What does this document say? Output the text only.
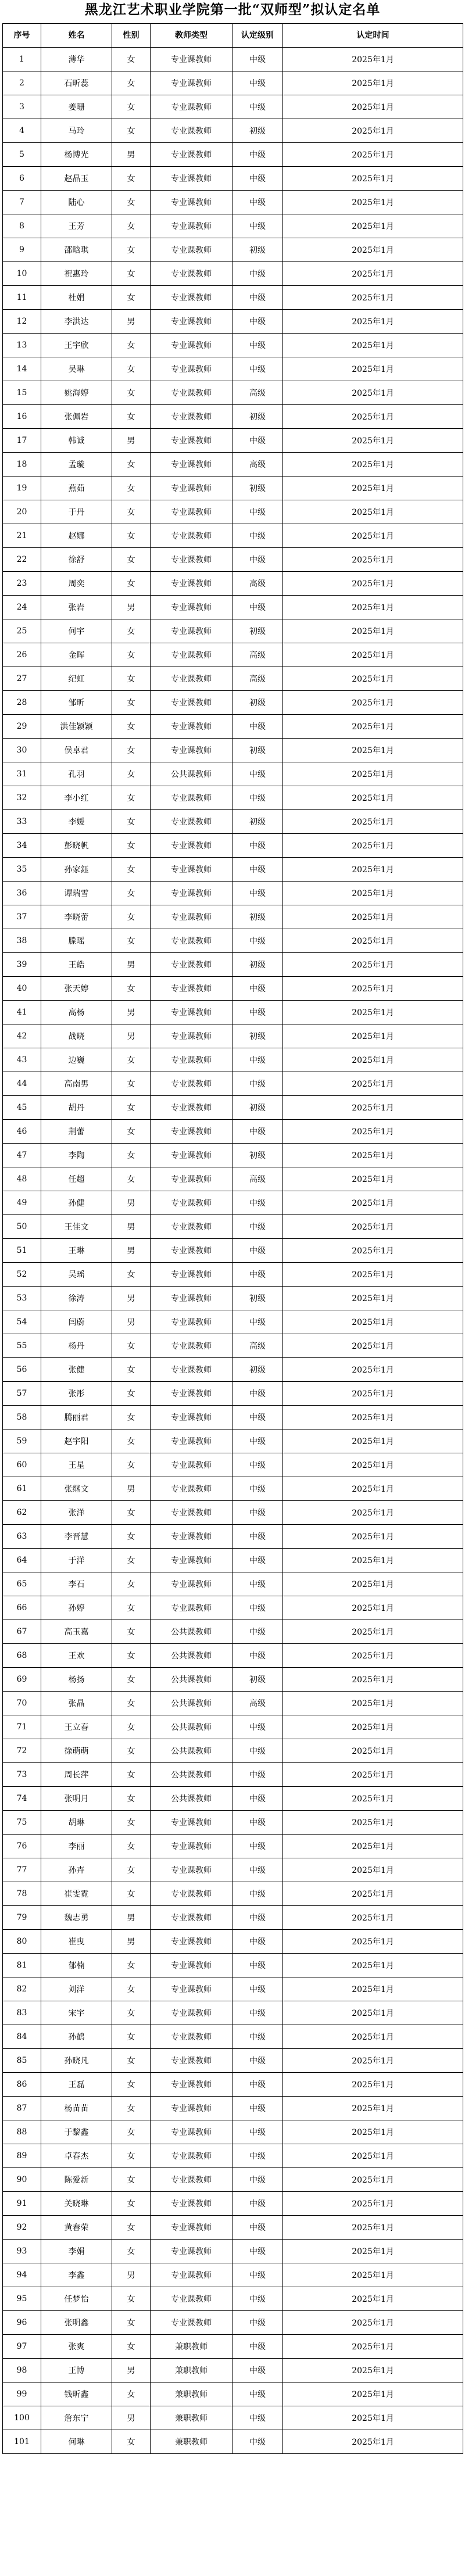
黑龙江艺术职业学院第一批“双师型”拟认定名单
序号	姓名	性别	教师类型	认定级别	认定时间
1	薄华	女	专业课教师	中级	2025年1月
2	石昕蕊	女	专业课教师	中级	2025年1月
3	姜珊	女	专业课教师	中级	2025年1月
4	马玲	女	专业课教师	初级	2025年1月
5	杨博光	男	专业课教师	中级	2025年1月
6	赵晶玉	女	专业课教师	中级	2025年1月
7	陆心	女	专业课教师	中级	2025年1月
8	王芳	女	专业课教师	中级	2025年1月
9	邵晗琪	女	专业课教师	初级	2025年1月
10	祝惠玲	女	专业课教师	中级	2025年1月
11	杜娟	女	专业课教师	中级	2025年1月
12	李洪达	男	专业课教师	中级	2025年1月
13	王宇欣	女	专业课教师	中级	2025年1月
14	吴琳	女	专业课教师	中级	2025年1月
15	姚海婷	女	专业课教师	高级	2025年1月
16	张佩岩	女	专业课教师	初级	2025年1月
17	韩诚	男	专业课教师	中级	2025年1月
18	孟璇	女	专业课教师	高级	2025年1月
19	燕茹	女	专业课教师	初级	2025年1月
20	于丹	女	专业课教师	中级	2025年1月
21	赵娜	女	专业课教师	中级	2025年1月
22	徐舒	女	专业课教师	中级	2025年1月
23	周奕	女	专业课教师	高级	2025年1月
24	张岩	男	专业课教师	中级	2025年1月
25	何宇	女	专业课教师	初级	2025年1月
26	金晖	女	专业课教师	高级	2025年1月
27	纪虹	女	专业课教师	高级	2025年1月
28	邹昕	女	专业课教师	初级	2025年1月
29	洪佳颖颖	女	专业课教师	中级	2025年1月
30	侯卓君	女	专业课教师	初级	2025年1月
31	孔羽	女	公共课教师	中级	2025年1月
32	李小红	女	专业课教师	中级	2025年1月
33	李媛	女	专业课教师	初级	2025年1月
34	彭晓帆	女	专业课教师	中级	2025年1月
35	孙家鈺	女	专业课教师	中级	2025年1月
36	谭瑞雪	女	专业课教师	中级	2025年1月
37	李晓蕾	女	专业课教师	初级	2025年1月
38	滕瑶	女	专业课教师	中级	2025年1月
39	王皓	男	专业课教师	初级	2025年1月
40	张天婷	女	专业课教师	中级	2025年1月
41	高杨	男	专业课教师	中级	2025年1月
42	战晓	男	专业课教师	初级	2025年1月
43	边巍	女	专业课教师	中级	2025年1月
44	高南男	女	专业课教师	中级	2025年1月
45	胡丹	女	专业课教师	初级	2025年1月
46	荆蕾	女	专业课教师	中级	2025年1月
47	李陶	女	专业课教师	初级	2025年1月
48	任超	女	专业课教师	高级	2025年1月
49	孙健	男	专业课教师	中级	2025年1月
50	王佳文	男	专业课教师	中级	2025年1月
51	王琳	男	专业课教师	中级	2025年1月
52	吴瑶	女	专业课教师	中级	2025年1月
53	徐涛	男	专业课教师	初级	2025年1月
54	闫蔚	男	专业课教师	中级	2025年1月
55	杨丹	女	专业课教师	高级	2025年1月
56	张健	女	专业课教师	初级	2025年1月
57	张彤	女	专业课教师	中级	2025年1月
58	腾丽君	女	专业课教师	中级	2025年1月
59	赵宇阳	女	专业课教师	中级	2025年1月
60	王星	女	专业课教师	中级	2025年1月
61	张继文	男	专业课教师	中级	2025年1月
62	张洋	女	专业课教师	中级	2025年1月
63	李晋慧	女	专业课教师	中级	2025年1月
64	于洋	女	专业课教师	中级	2025年1月
65	李石	女	专业课教师	中级	2025年1月
66	孙婷	女	专业课教师	中级	2025年1月
67	高玉嘉	女	公共课教师	中级	2025年1月
68	王欢	女	公共课教师	中级	2025年1月
69	杨扬	女	公共课教师	初级	2025年1月
70	张晶	女	公共课教师	高级	2025年1月
71	王立春	女	公共课教师	中级	2025年1月
72	徐萌萌	女	公共课教师	中级	2025年1月
73	周长萍	女	公共课教师	中级	2025年1月
74	张明月	女	公共课教师	中级	2025年1月
75	胡琳	女	专业课教师	中级	2025年1月
76	李丽	女	专业课教师	中级	2025年1月
77	孙卉	女	专业课教师	中级	2025年1月
78	崔雯霓	女	专业课教师	中级	2025年1月
79	魏志勇	男	专业课教师	中级	2025年1月
80	崔曳	男	专业课教师	中级	2025年1月
81	郁楠	女	专业课教师	中级	2025年1月
82	刘洋	女	专业课教师	中级	2025年1月
83	宋宇	女	专业课教师	中级	2025年1月
84	孙鹤	女	专业课教师	中级	2025年1月
85	孙晓凡	女	专业课教师	中级	2025年1月
86	王磊	女	专业课教师	中级	2025年1月
87	杨苗苗	女	专业课教师	中级	2025年1月
88	于黎鑫	女	专业课教师	中级	2025年1月
89	卓春杰	女	专业课教师	中级	2025年1月
90	陈爱新	女	专业课教师	中级	2025年1月
91	关晓琳	女	专业课教师	中级	2025年1月
92	黄春荣	女	专业课教师	中级	2025年1月
93	李娟	女	专业课教师	中级	2025年1月
94	李鑫	男	专业课教师	中级	2025年1月
95	任梦怡	女	专业课教师	中级	2025年1月
96	张明鑫	女	专业课教师	中级	2025年1月
97	张爽	女	兼职教师	中级	2025年1月
98	王博	男	兼职教师	中级	2025年1月
99	钱昕鑫	女	兼职教师	中级	2025年1月
100	詹东宁	男	兼职教师	中级	2025年1月
101	何琳	女	兼职教师	中级	2025年1月
